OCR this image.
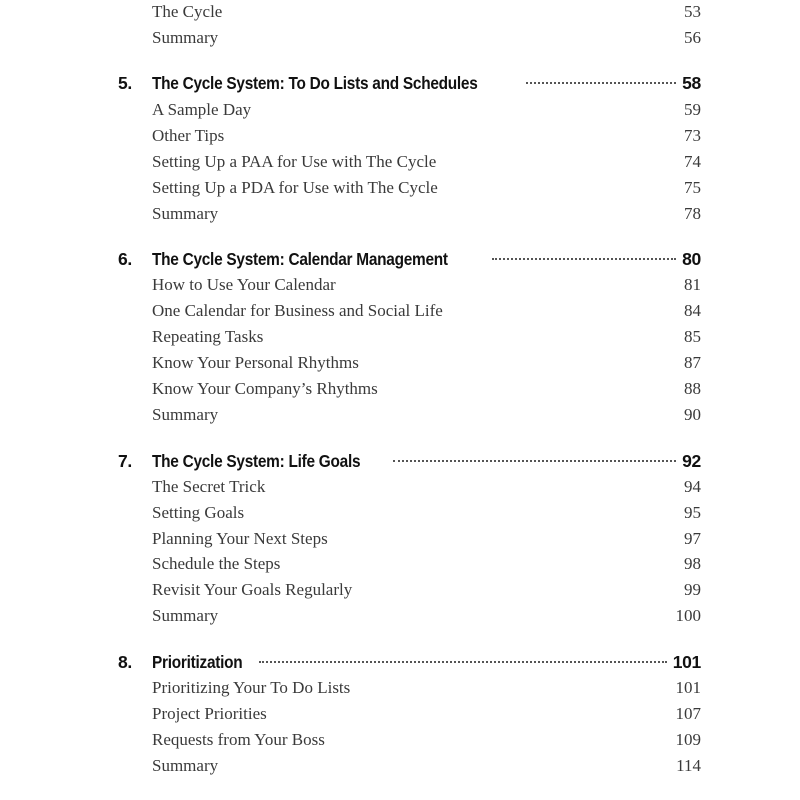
The Cycle	53
Summary	56
5.	The Cycle System: To Do Lists and Schedules	58
A Sample Day	59
Other Tips	73
Setting Up a PAA for Use with The Cycle	74
Setting Up a PDA for Use with The Cycle	75
Summary	78
6.	The Cycle System: Calendar Management	80
How to Use Your Calendar	81
One Calendar for Business and Social Life	84
Repeating Tasks	85
Know Your Personal Rhythms	87
Know Your Company’s Rhythms	88
Summary	90
7.	The Cycle System: Life Goals	92
The Secret Trick	94
Setting Goals	95
Planning Your Next Steps	97
Schedule the Steps	98
Revisit Your Goals Regularly	99
Summary	100
8.	Prioritization	101
Prioritizing Your To Do Lists	101
Project Priorities	107
Requests from Your Boss	109
Summary	114
